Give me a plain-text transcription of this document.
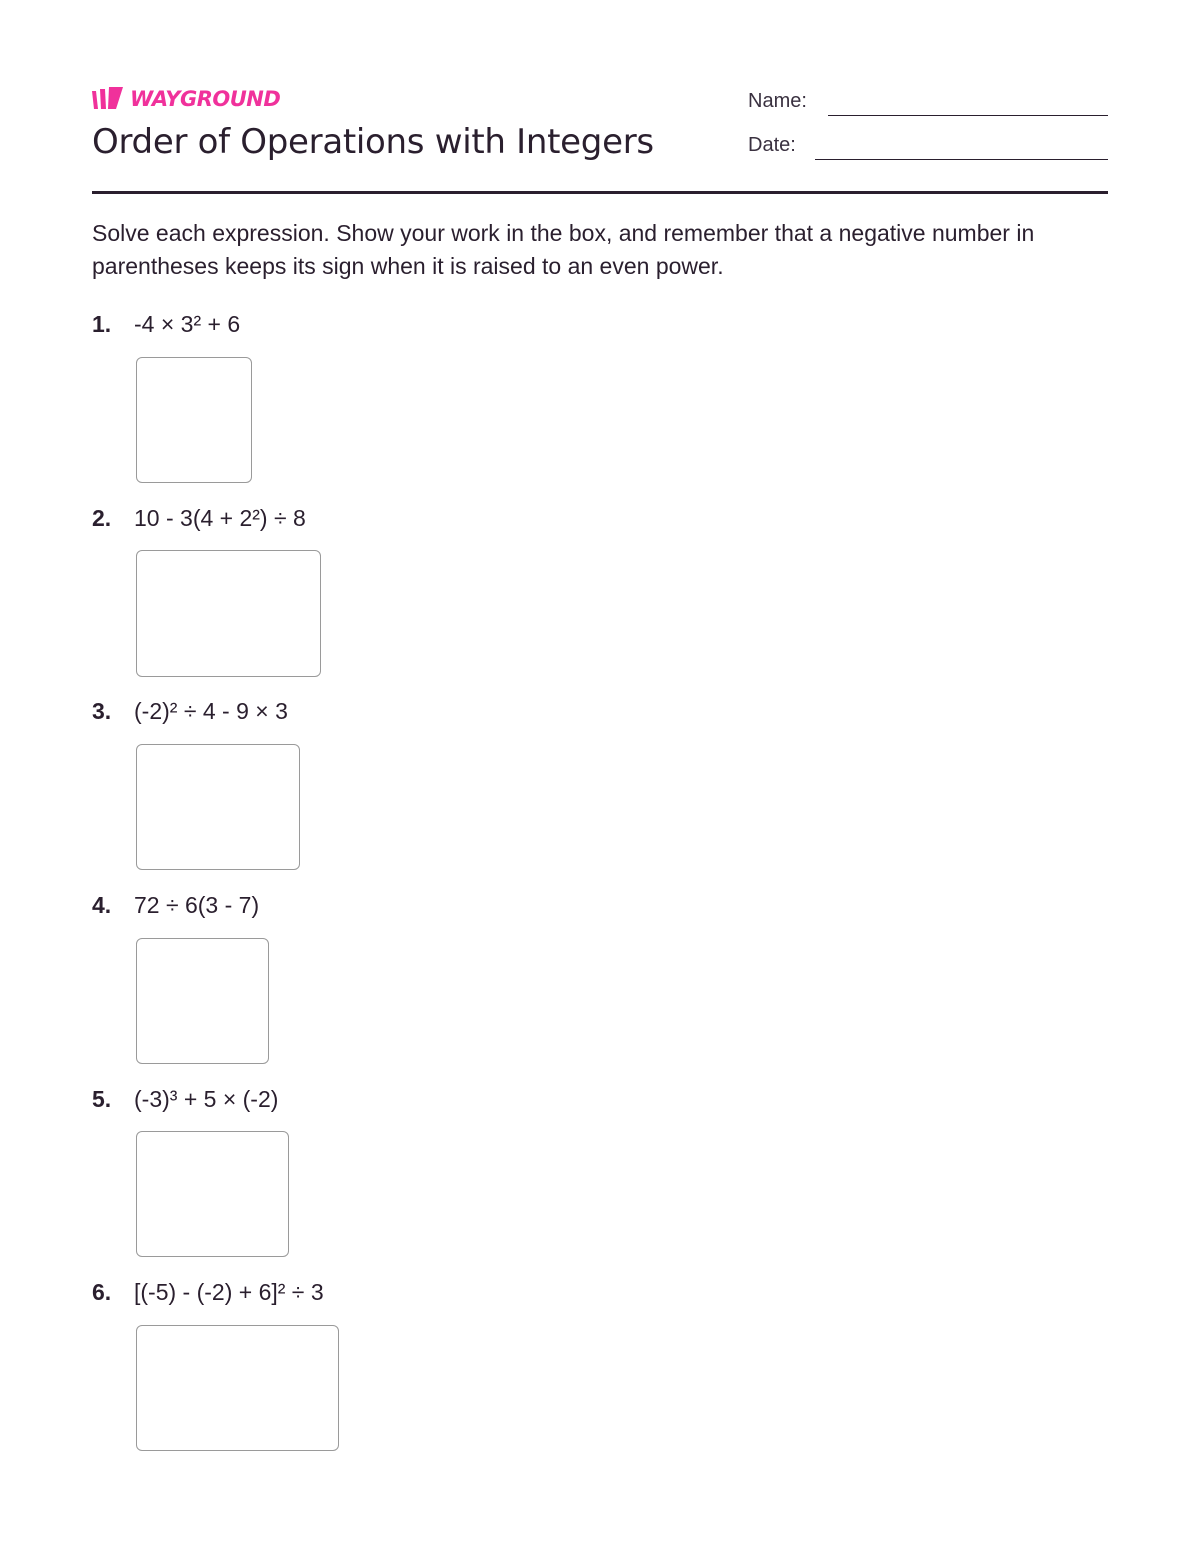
WAYGROUND
Order of Operations with Integers
Name:
Date:

Solve each expression. Show your work in the box, and remember that a negative number in parentheses keeps its sign when it is raised to an even power.

1. -4 × 3² + 6
2. 10 - 3(4 + 2²) ÷ 8
3. (-2)² ÷ 4 - 9 × 3
4. 72 ÷ 6(3 - 7)
5. (-3)³ + 5 × (-2)
6. [(-5) - (-2) + 6]² ÷ 3
